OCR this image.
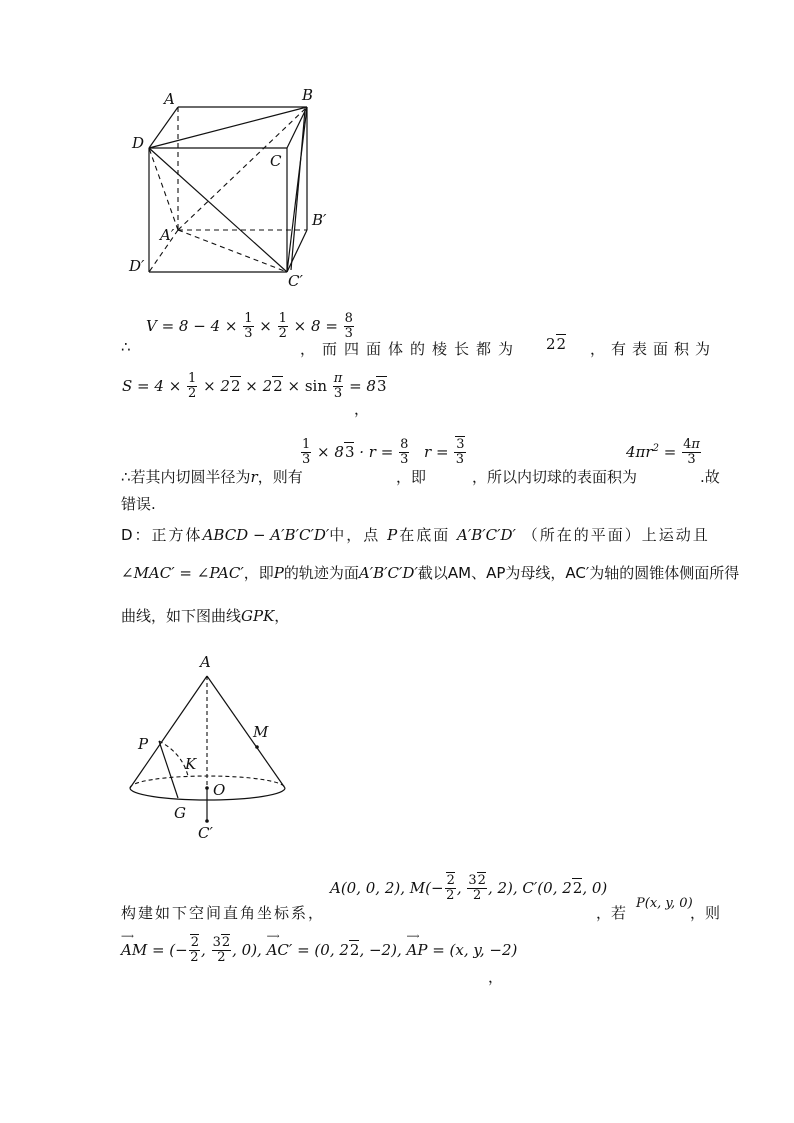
A	B
D
C
B′
A′
D′
C′
∴
$V = 8 - 4 \times \frac{1}{3} \times \frac{1}{2} \times 8 = \frac{8}{3}$
，而四面体的棱长都为 22 ，有表面积为
$S = 4 \times \frac{1}{2} \times 22 \times 22 \times \sin \frac{\pi}{3} = 83$
，
∴若其内切圆半径为r，则有
$\frac{1}{3} \times 83 \cdot r = \frac{8}{3}$
，即
$r = \frac{3}{3}$
，所以内切球的表面积为
$4\pi r^2 = \frac{4\pi}{3}$
.故
错误.
D：正方体ABCD − A′B′C′D′中，点 P在底面 A′B′C′D′ （所在的平面）上运动且
∠MAC′ = ∠PAC′，即P的轨迹为面A′B′C′D′截以AM、AP为母线，AC′为轴的圆锥体侧面所得
曲线，如下图曲线GPK，
A
M
P
K
O
G
C′
构建如下空间直角坐标系，
A(0, 0, 2), $M(- \frac{2}{2}$ , $\frac{32}{2}$ , 2), C′(0, 22, 0)
，若
P(x, y, 0)
，则
⟶
AM = (− $\frac{2}{2}$ , $\frac{32}{2}$ , 0),
⟶
AC′ = (0, 22, −2),
⟶
AP = (x, y, −2)
，
